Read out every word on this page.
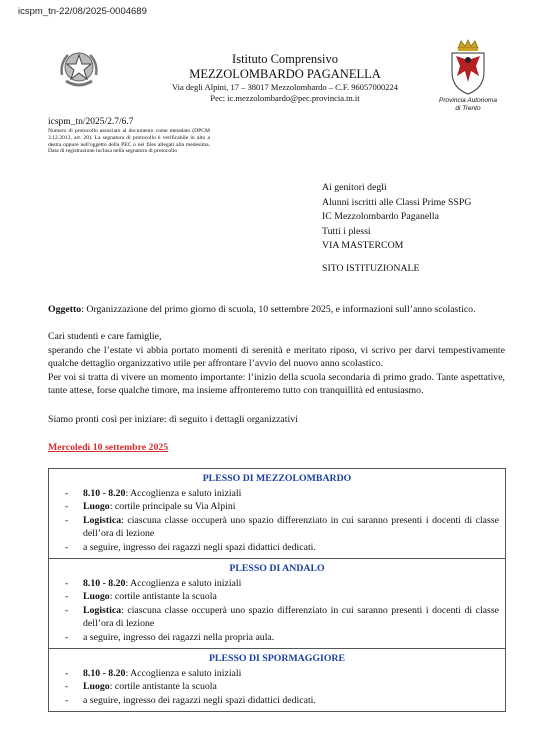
icspm_tn-22/08/2025-0004689
Istituto Comprensivo
MEZZOLOMBARDO PAGANELLA
Via degli Alpini, 17 – 38017 Mezzolombardo – C.F. 96057000224
Pec: ic.mezzolombardo@pec.provincia.tn.it	Provincia Autonoma
di Trento
icspm_tn/2025/2.7/6.7
Numero di protocollo associato al documento come metadato (DPCM 3.12.2013, art. 20). La segnatura di protocollo è verificabile in alto a destra oppure nell'oggetto della PEC o nei files allegati alla medesima. Data di registrazione inclusa nella segnatura di protocollo
Ai genitori degli
Alunni iscritti alle Classi Prime SSPG
IC Mezzolombardo Paganella
Tutti i plessi
VIA MASTERCOM
SITO ISTITUZIONALE
Oggetto: Organizzazione del primo giorno di scuola, 10 settembre 2025, e informazioni sull’anno scolastico.
Cari studenti e care famiglie,
sperando che l’estate vi abbia portato momenti di serenità e meritato riposo, vi scrivo per darvi tempestivamente qualche dettaglio organizzativo utile per affrontare l’avvio del nuovo anno scolastico.
Per voi si tratta di vivere un momento importante: l’inizio della scuola secondaria di primo grado. Tante aspettative, tante attese, forse qualche timore, ma insieme affronteremo tutto con tranquillità ed entusiasmo.
Siamo pronti così per iniziare: di seguito i dettagli organizzativi
Mercoledì 10 settembre 2025
PLESSO DI MEZZOLOMBARDO
- 8.10 - 8.20: Accoglienza e saluto iniziali
- Luogo: cortile principale su Via Alpini
- Logistica: ciascuna classe occuperà uno spazio differenziato in cui saranno presenti i docenti di classe dell’ora di lezione
- a seguire, ingresso dei ragazzi negli spazi didattici dedicati.

PLESSO DI ANDALO
- 8.10 - 8.20: Accoglienza e saluto iniziali
- Luogo: cortile antistante la scuola
- Logistica: ciascuna classe occuperà uno spazio differenziato in cui saranno presenti i docenti di classe dell’ora di lezione
- a seguire, ingresso dei ragazzi nella propria aula.

PLESSO DI SPORMAGGIORE
- 8.10 - 8.20: Accoglienza e saluto iniziali
- Luogo: cortile antistante la scuola
- a seguire, ingresso dei ragazzi negli spazi didattici dedicati.
